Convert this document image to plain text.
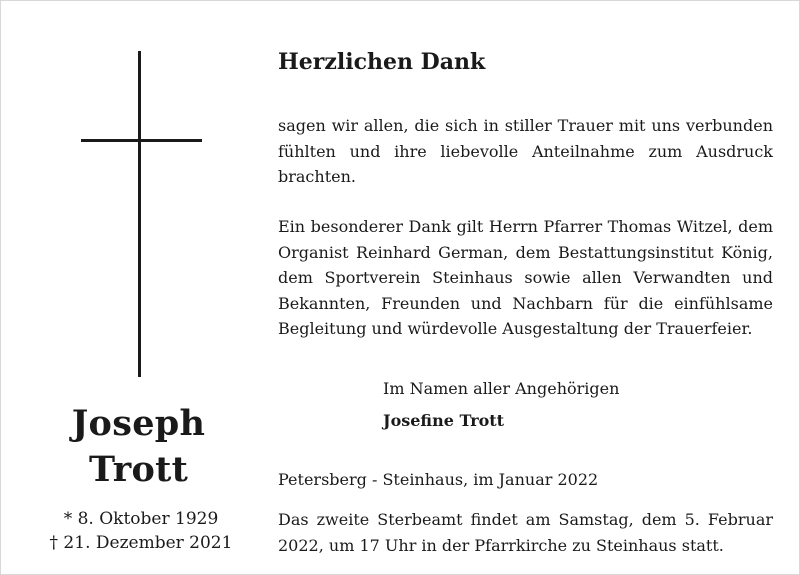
Joseph
Trott
* 8. Oktober 1929
† 21. Dezember 2021
Herzlichen Dank

sagen wir allen, die sich in stiller Trauer mit uns verbunden fühlten und ihre liebevolle Anteilnahme zum Ausdruck brachten.

Ein besonderer Dank gilt Herrn Pfarrer Thomas Witzel, dem Organist Reinhard German, dem Bestattungsinstitut König, dem Sportverein Steinhaus sowie allen Verwandten und Bekannten, Freunden und Nachbarn für die einfühlsame Begleitung und würdevolle Ausgestaltung der Trauerfeier.

Im Namen aller Angehörigen
Josefine Trott
Petersberg - Steinhaus, im Januar 2022

Das zweite Sterbeamt findet am Samstag, dem 5. Februar 2022, um 17 Uhr in der Pfarrkirche zu Steinhaus statt.
